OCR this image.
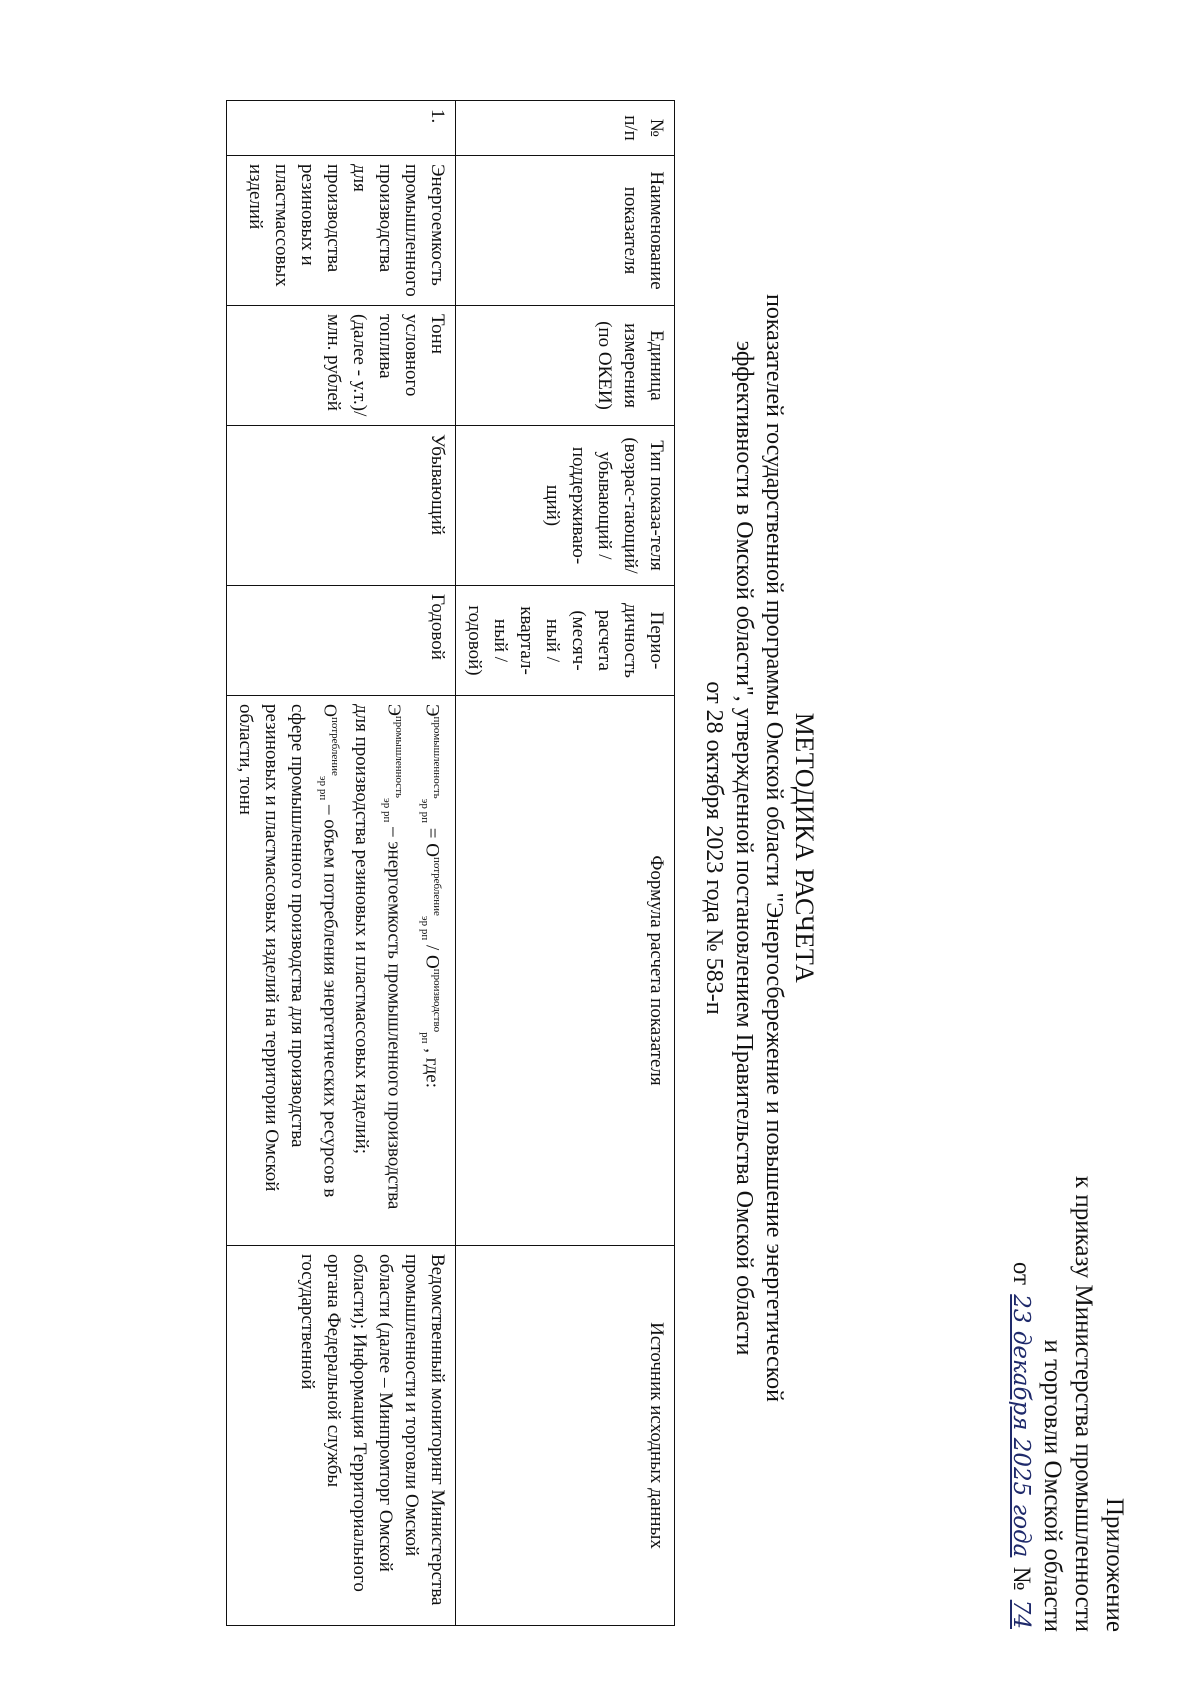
Приложение
к приказу Министерства промышленности
и торговли Омской области
от 23 декабря 2025 года № 74
МЕТОДИКА РАСЧЕТА
показателей государственной программы Омской области "Энергосбережение и повышение энергетической
эффективности в Омской области", утвержденной постановлением Правительства Омской области
от 28 октября 2023 года № 583-п
№ п/п	Наименование показателя	Единица измерения (по ОКЕИ)	Тип показа-теля (возрас-тающий/ убывающий / поддерживаю-щий)	Перио-дичность расчета (месяч-ный / квартал-ный / годовой)	Формула расчета показателя	Источник исходных данных
1.	Энергоемкость промышленного производства для производства резиновых и пластмассовых изделий	Тонн условного топлива (далее - у.т.)/млн. рублей	Убывающий	Годовой	$Э^{промышленность}_{эр рп} = О^{потребление}_{эр рп} / О^{производство}_{рп}$ , где:
$Э^{промышленность}_{эр рп}$ – энергоемкость промышленного производства для производства резиновых и пластмассовых изделий;
$О^{потребление}_{эр рп}$ – объем потребления энергетических ресурсов в сфере промышленного производства для производства резиновых и пластмассовых изделий на территории Омской области, тонн	Ведомственный мониторинг Министерства промышленности и торговли Омской области (далее – Минпромторг Омской области); Информация Территориального органа Федеральной службы государственной
